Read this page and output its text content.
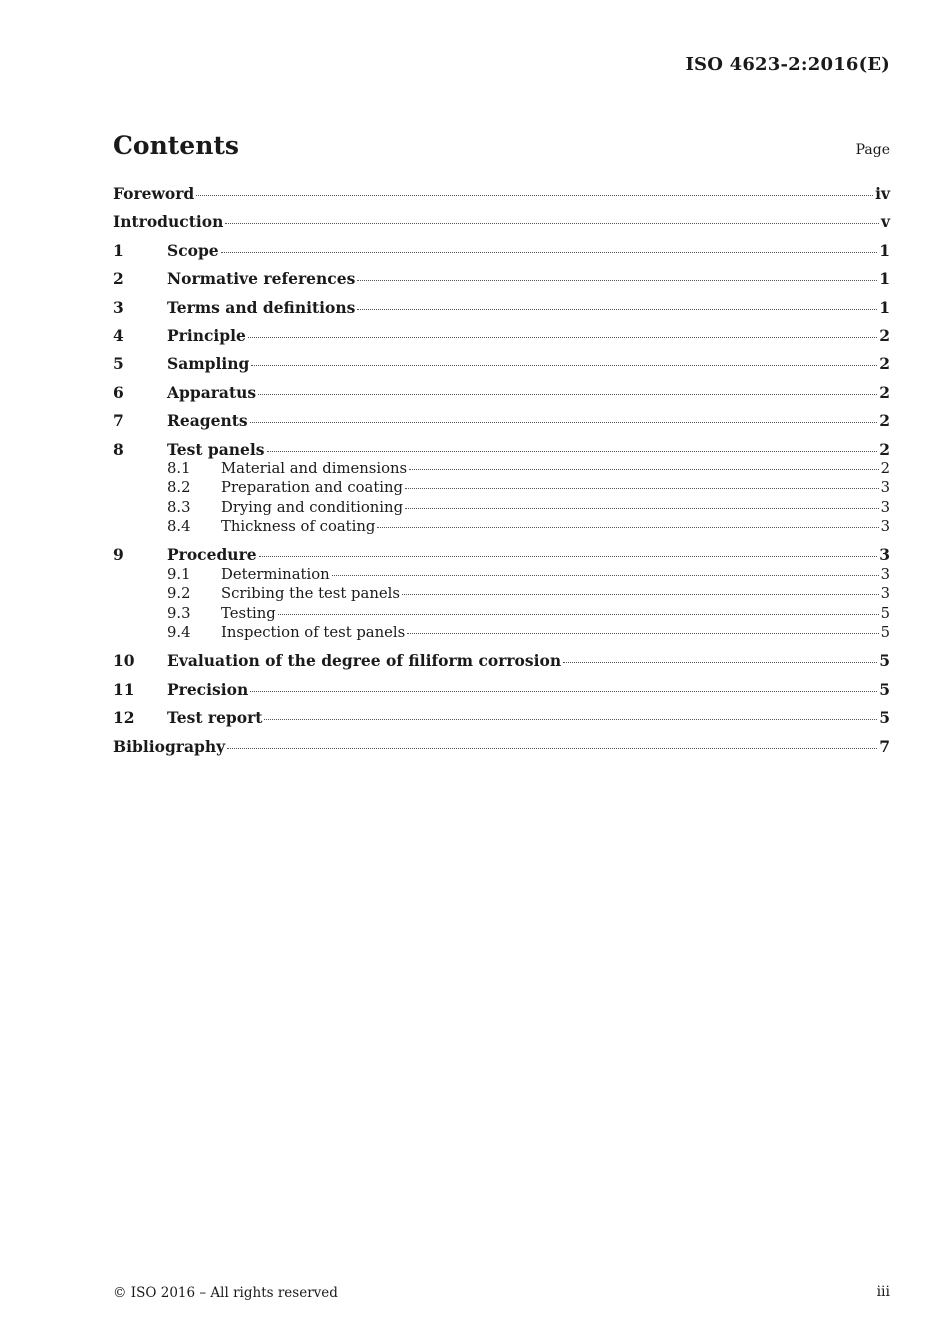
ISO 4623-2:2016(E)
Contents	Page
Foreword	iv
Introduction	v
1	Scope	1
2	Normative references	1
3	Terms and definitions	1
4	Principle	2
5	Sampling	2
6	Apparatus	2
7	Reagents	2
8	Test panels	2
8.1	Material and dimensions	2
8.2	Preparation and coating	3
8.3	Drying and conditioning	3
8.4	Thickness of coating	3
9	Procedure	3
9.1	Determination	3
9.2	Scribing the test panels	3
9.3	Testing	5
9.4	Inspection of test panels	5
10	Evaluation of the degree of filiform corrosion	5
11	Precision	5
12	Test report	5
Bibliography	7
© ISO 2016 – All rights reserved	iii
